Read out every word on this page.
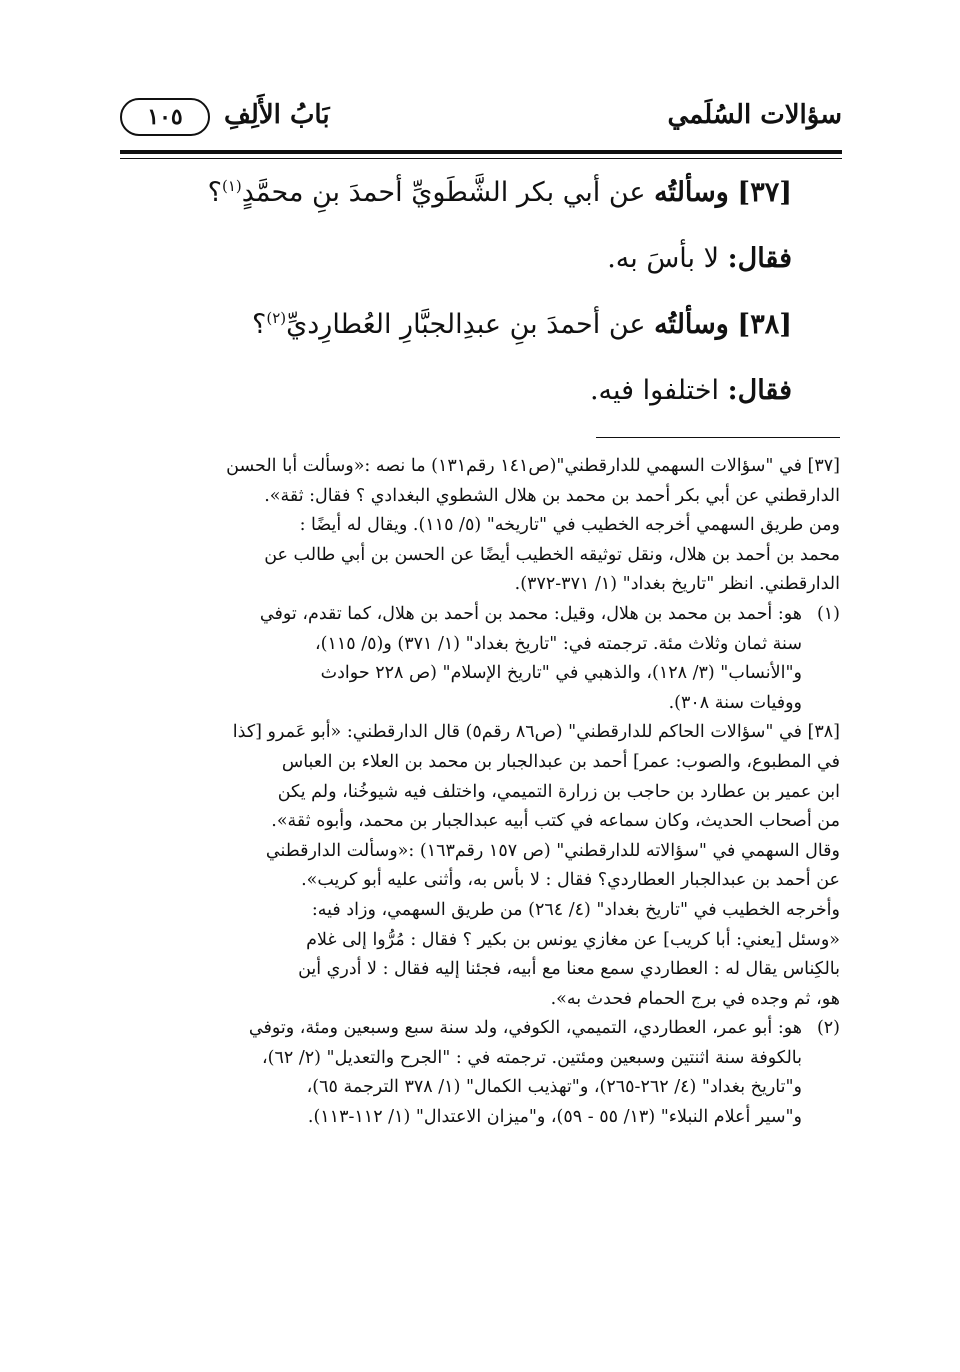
سؤالات السُلَمي
بَابُ الأَلِفِ
١٠٥
[٣٧] وسألتُه عن أبي بكر الشَّطَويِّ أحمدَ بنِ محمَّدٍ$^{(١)}$؟
فقال: لا بأسَ به.
[٣٨] وسألتُه عن أحمدَ بنِ عبدِالجبَّارِ العُطارِديِّ$^{(٢)}$؟
فقال: اختلفوا فيه.
[٣٧] في "سؤالات السهمي للدارقطني"(ص١٤١ رقم١٣١) ما نصه :«وسألت أبا الحسن
الدارقطني عن أبي بكر أحمد بن محمد بن هلال الشطوي البغدادي ؟ فقال: ثقة».
ومن طريق السهمي أخرجه الخطيب في "تاريخه" (٥/ ١١٥). ويقال له أيضًا :
محمد بن أحمد بن هلال، ونقل توثيقه الخطيب أيضًا عن الحسن بن أبي طالب عن
الدارقطني. انظر "تاريخ بغداد" (١/ ٣٧١-٣٧٢).
(١)
هو: أحمد بن محمد بن هلال، وقيل: محمد بن أحمد بن هلال، كما تقدم، توفي
سنة ثمان وثلاث مئة. ترجمته في: "تاريخ بغداد" (١/ ٣٧١) و(٥/ ١١٥)،
و"الأنساب" (٣/ ١٢٨)، والذهبي في "تاريخ الإسلام" (ص ٢٢٨ حوادث
ووفيات سنة ٣٠٨).
[٣٨] في "سؤالات الحاكم للدارقطني" (ص٨٦ رقم٥) قال الدارقطني: «أبو عَمرو [كذا
في المطبوع، والصوب: عمر] أحمد بن عبدالجبار بن محمد بن العلاء بن العباس
ابن عمير بن عطارد بن حاجب بن زرارة التميمي، واختلف فيه شيوخُنا، ولم يكن
من أصحاب الحديث، وكان سماعه في كتب أبيه عبدالجبار بن محمد، وأبوه ثقة».
وقال السهمي في "سؤالاته للدارقطني" (ص ١٥٧ رقم١٦٣) :«وسألت الدارقطني
عن أحمد بن عبدالجبار العطاردي؟ فقال : لا بأس به، وأثنى عليه أبو كريب».
وأخرجه الخطيب في "تاريخ بغداد" (٤/ ٢٦٤) من طريق السهمي، وزاد فيه:
«وسئل [يعني: أبا كريب] عن مغازي يونس بن بكير ؟ فقال : مُرُّوا إلى غلام
بالكِناس يقال له : العطاردي سمع معنا مع أبيه، فجئنا إليه فقال : لا أدري أين
هو، ثم وجده في برج الحمام فحدث به».
(٢)
هو: أبو عمر، العطاردي، التميمي، الكوفي، ولد سنة سبع وسبعين ومئة، وتوفي
بالكوفة سنة اثنتين وسبعين ومئتين. ترجمته في : "الجرح والتعديل" (٢/ ٦٢)،
و"تاريخ بغداد" (٤/ ٢٦٢-٢٦٥)، و"تهذيب الكمال" (١/ ٣٧٨ الترجمة ٦٥)،
و"سير أعلام النبلاء" (١٣/ ٥٥ - ٥٩)، و"ميزان الاعتدال" (١/ ١١٢-١١٣).
